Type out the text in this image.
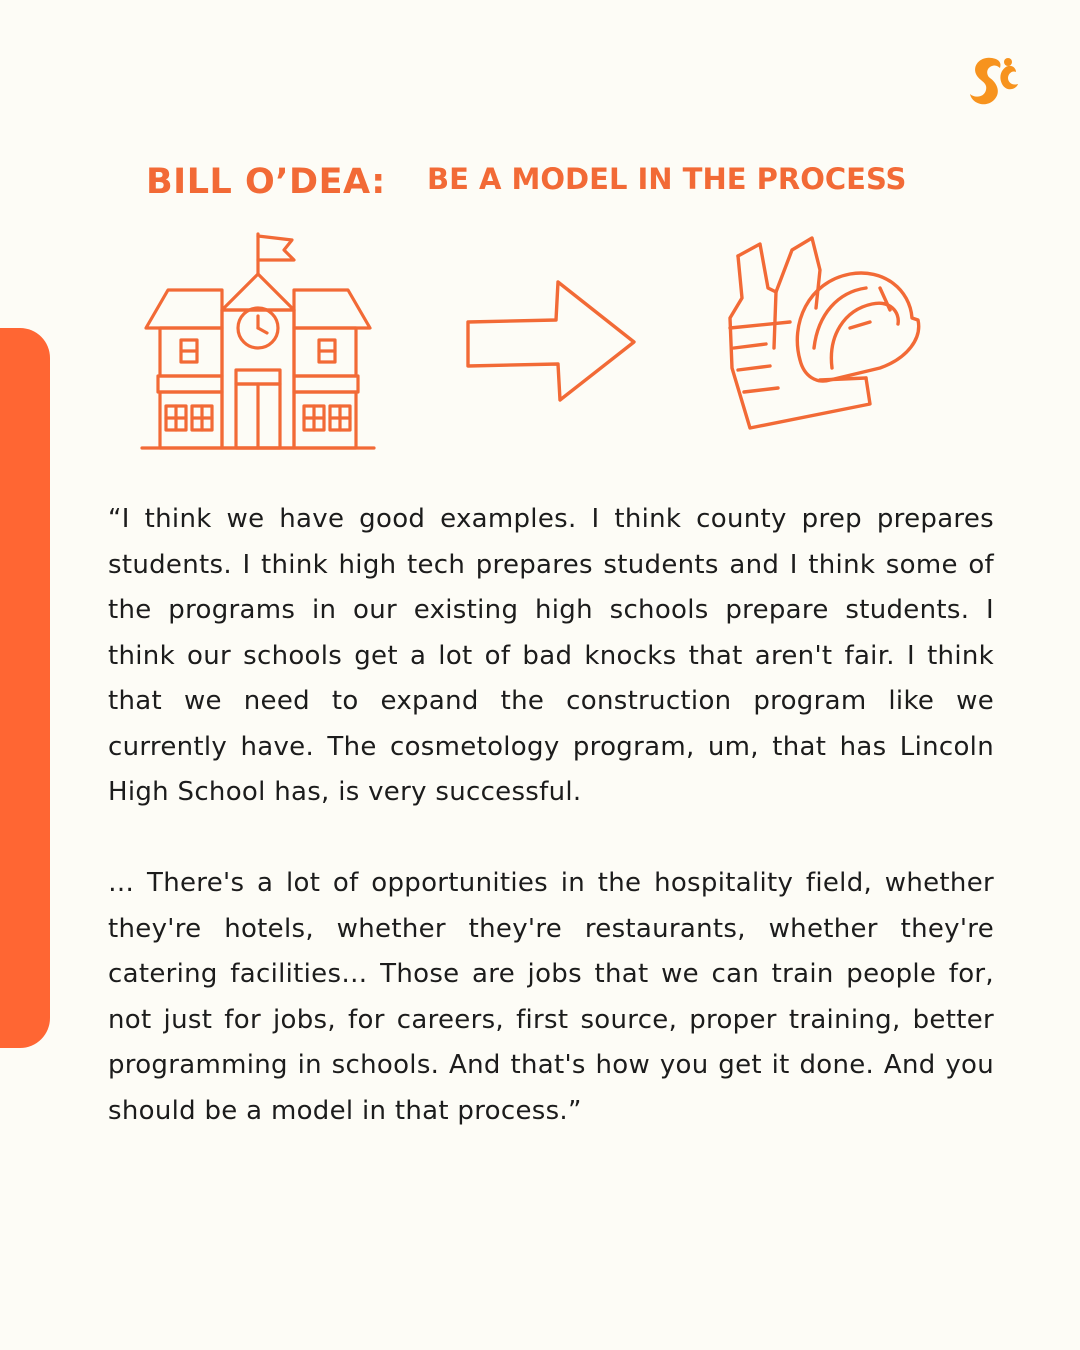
BILL O’DEA: BE A MODEL IN THE PROCESS

“I think we have good examples. I think county prep prepares students. I think high tech prepares students and I think some of the programs in our existing high schools prepare students. I think our schools get a lot of bad knocks that aren't fair. I think that we need to expand the construction program like we currently have. The cosmetology program, um, that has Lincoln High School has, is very successful.

… There's a lot of opportunities in the hospitality field, whether they're hotels, whether they're restaurants, whether they're catering facilities… Those are jobs that we can train people for, not just for jobs, for careers, first source, proper training, better programming in schools. And that's how you get it done. And you should be a model in that process.”
